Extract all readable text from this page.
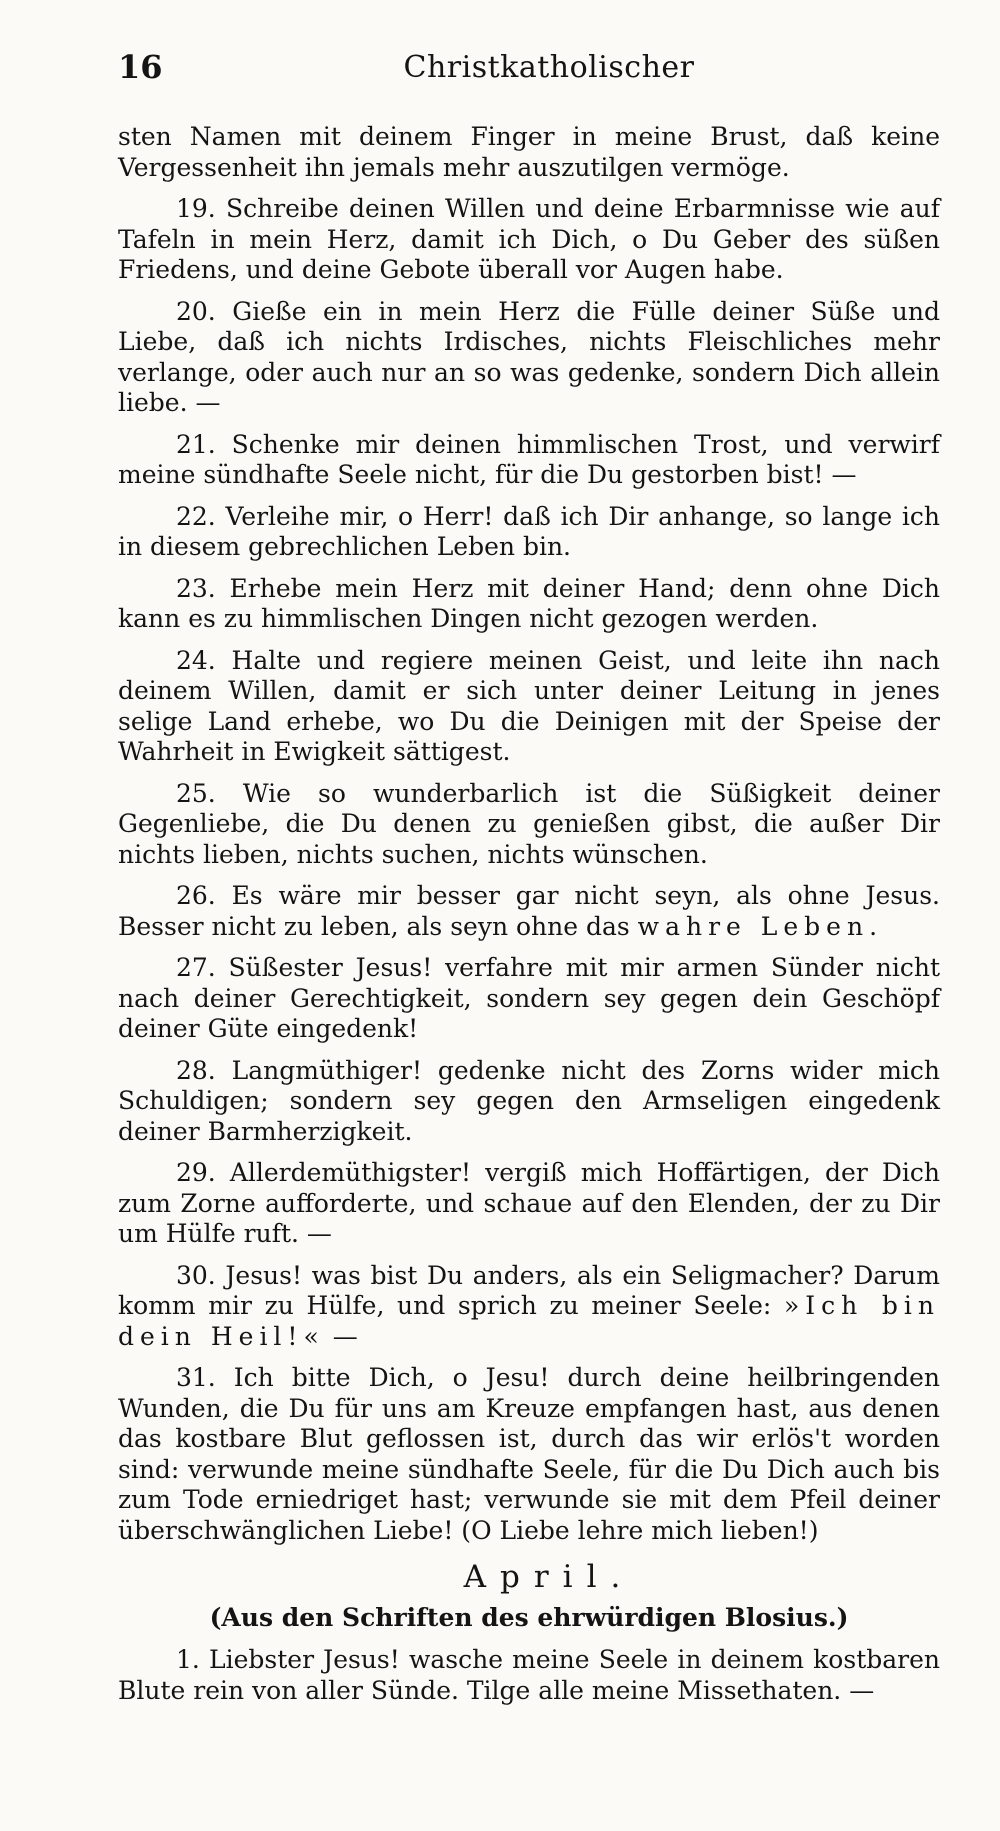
16	Christkatholischer

sten Namen mit deinem Finger in meine Brust, daß keine Vergessenheit ihn jemals mehr auszutilgen vermöge.

19. Schreibe deinen Willen und deine Erbarmnisse wie auf Tafeln in mein Herz, damit ich Dich, o Du Geber des süßen Friedens, und deine Gebote überall vor Augen habe.

20. Gieße ein in mein Herz die Fülle deiner Süße und Liebe, daß ich nichts Irdisches, nichts Fleischliches mehr verlange, oder auch nur an so was gedenke, sondern Dich allein liebe. —

21. Schenke mir deinen himmlischen Trost, und verwirf meine sündhafte Seele nicht, für die Du gestorben bist! —

22. Verleihe mir, o Herr! daß ich Dir anhange, so lange ich in diesem gebrechlichen Leben bin.

23. Erhebe mein Herz mit deiner Hand; denn ohne Dich kann es zu himmlischen Dingen nicht gezogen werden.

24. Halte und regiere meinen Geist, und leite ihn nach deinem Willen, damit er sich unter deiner Leitung in jenes selige Land erhebe, wo Du die Deinigen mit der Speise der Wahrheit in Ewigkeit sättigest.

25. Wie so wunderbarlich ist die Süßigkeit deiner Gegenliebe, die Du denen zu genießen gibst, die außer Dir nichts lieben, nichts suchen, nichts wünschen.

26. Es wäre mir besser gar nicht seyn, als ohne Jesus. Besser nicht zu leben, als seyn ohne das wahre Leben.

27. Süßester Jesus! verfahre mit mir armen Sünder nicht nach deiner Gerechtigkeit, sondern sey gegen dein Geschöpf deiner Güte eingedenk!

28. Langmüthiger! gedenke nicht des Zorns wider mich Schuldigen; sondern sey gegen den Armseligen eingedenk deiner Barmherzigkeit.

29. Allerdemüthigster! vergiß mich Hoffärtigen, der Dich zum Zorne aufforderte, und schaue auf den Elenden, der zu Dir um Hülfe ruft. —

30. Jesus! was bist Du anders, als ein Seligmacher? Darum komm mir zu Hülfe, und sprich zu meiner Seele: »Ich bin dein Heil!« —

31. Ich bitte Dich, o Jesu! durch deine heilbringenden Wunden, die Du für uns am Kreuze empfangen hast, aus denen das kostbare Blut geflossen ist, durch das wir erlös't worden sind: verwunde meine sündhafte Seele, für die Du Dich auch bis zum Tode erniedriget hast; verwunde sie mit dem Pfeil deiner überschwänglichen Liebe! (O Liebe lehre mich lieben!)

April.
(Aus den Schriften des ehrwürdigen Blosius.)

1. Liebster Jesus! wasche meine Seele in deinem kostbaren Blute rein von aller Sünde. Tilge alle meine Missethaten. —
